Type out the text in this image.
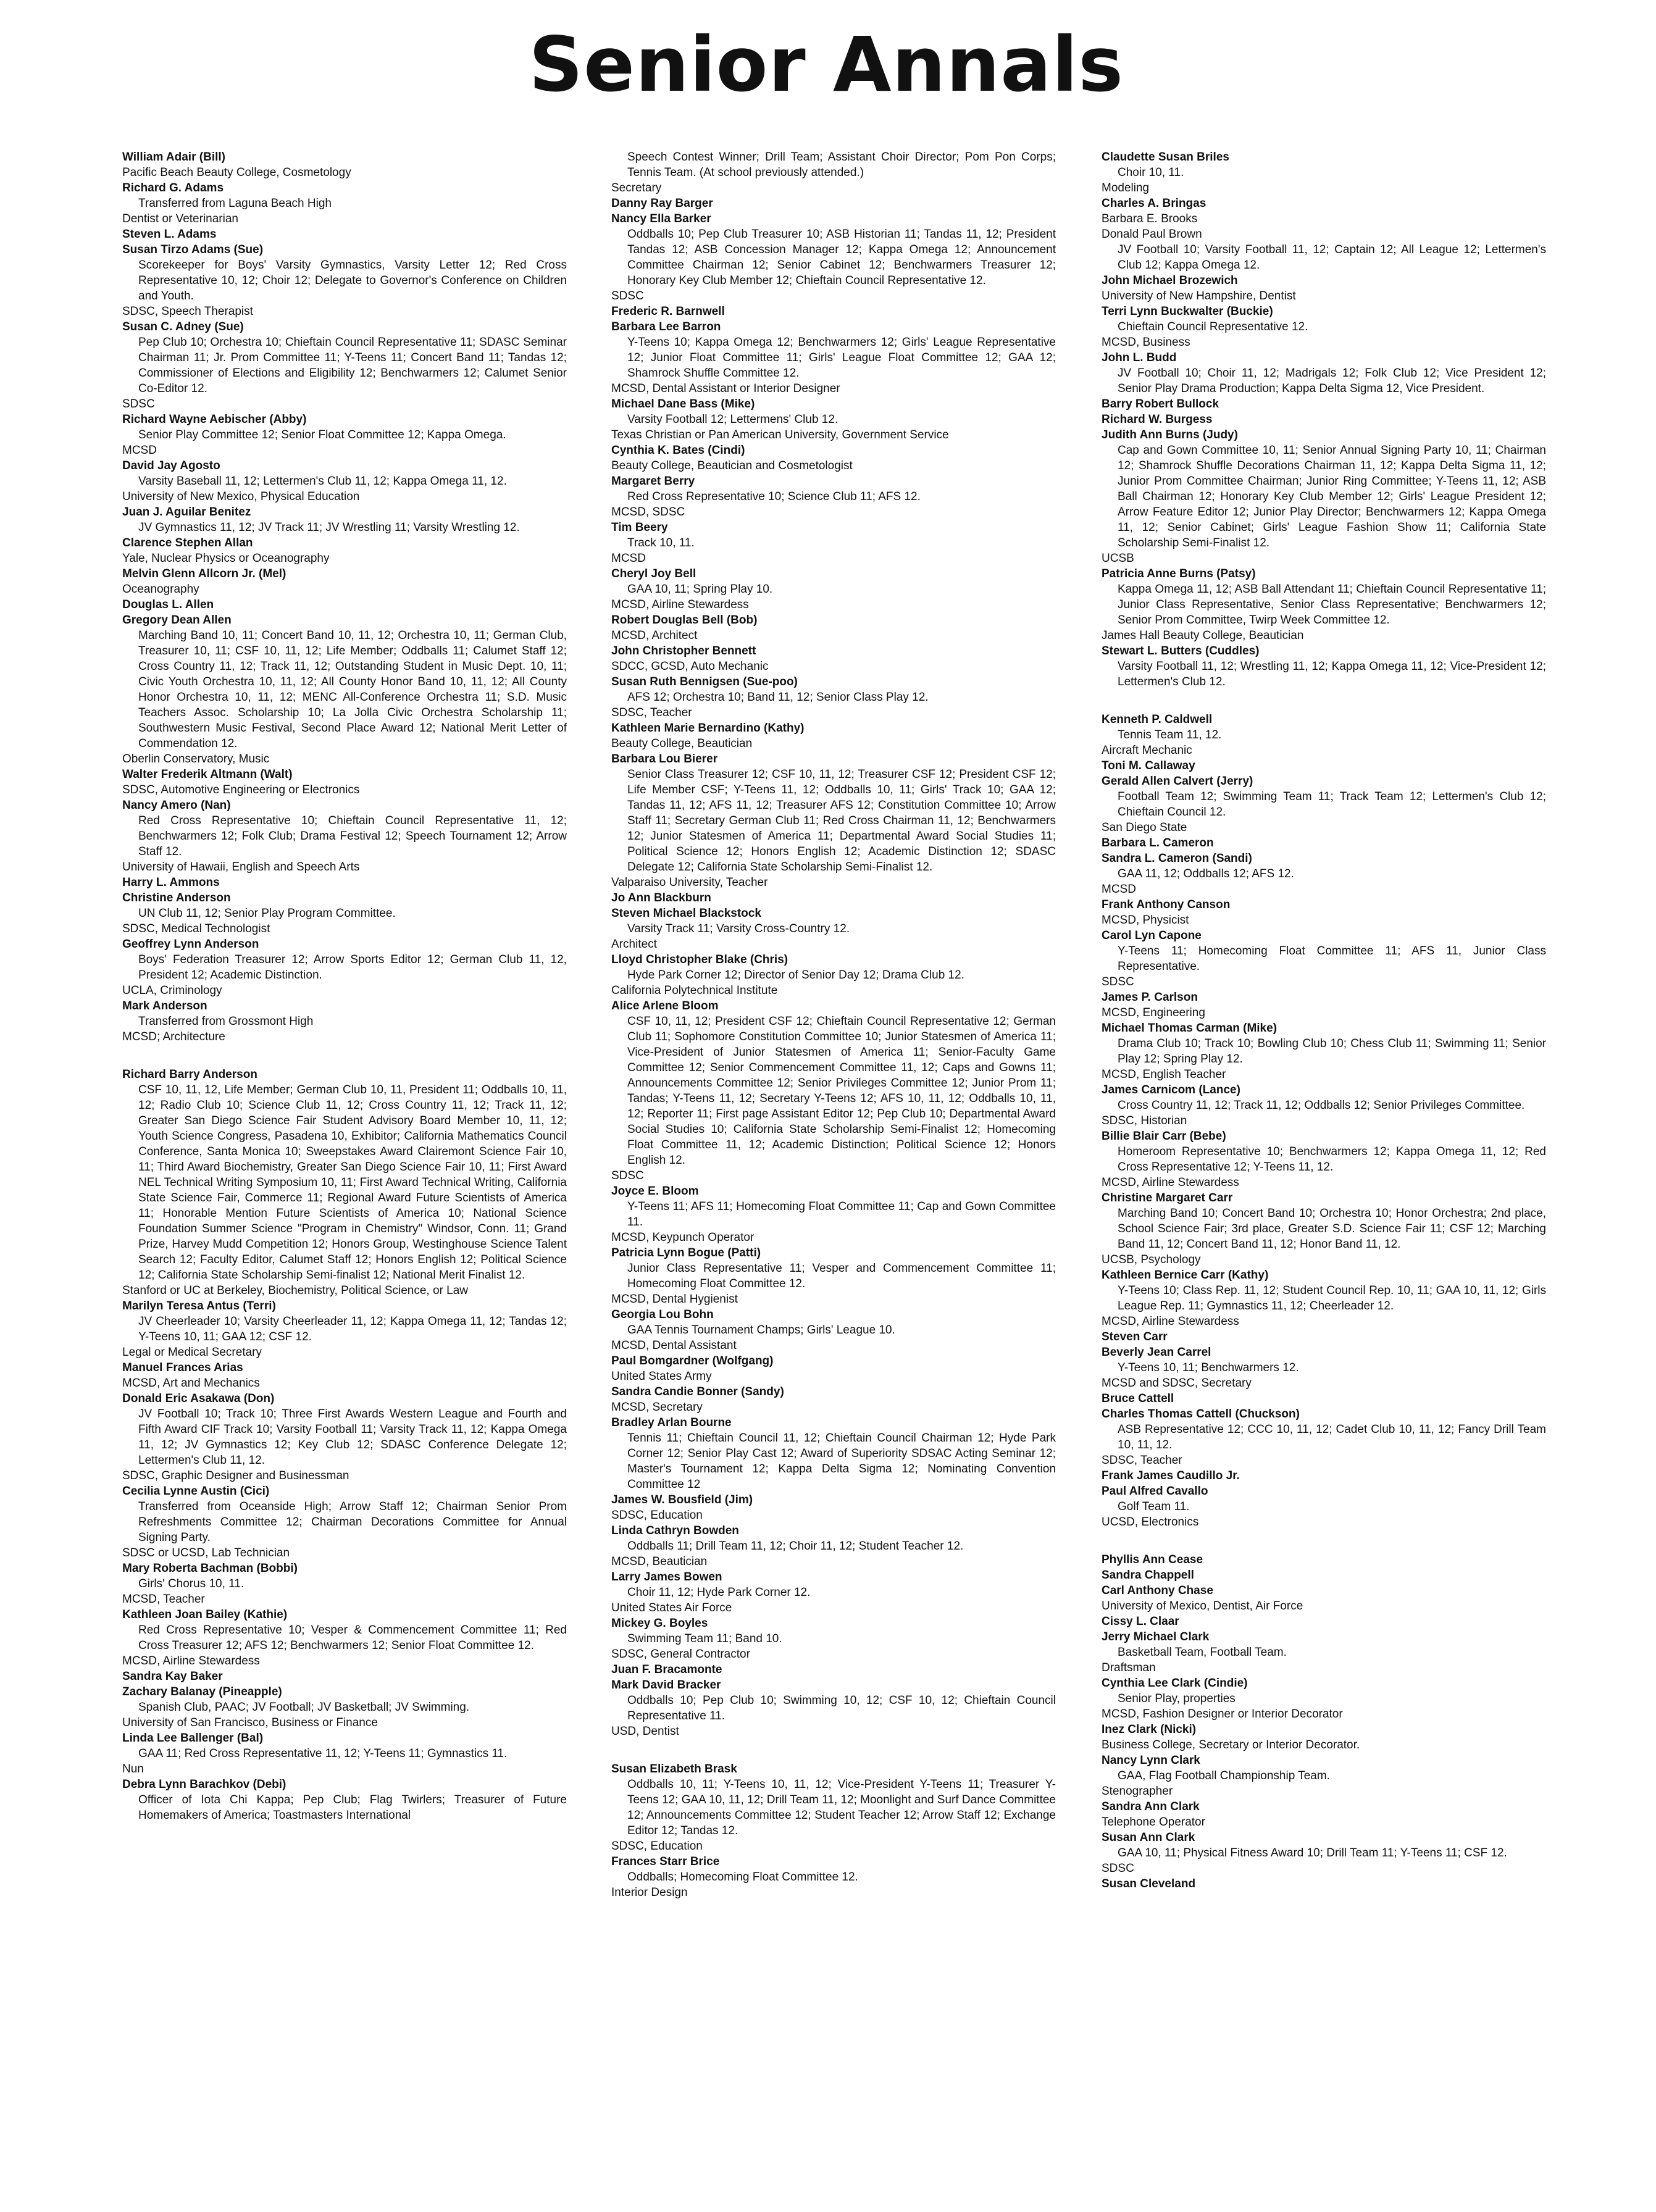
Senior Annals
William Adair (Bill)
Pacific Beach Beauty College, Cosmetology
Richard G. Adams
Transferred from Laguna Beach High
Dentist or Veterinarian
Steven L. Adams
Susan Tirzo Adams (Sue)
Scorekeeper for Boys' Varsity Gymnastics, Varsity Letter 12; Red Cross Representative 10, 12; Choir 12; Delegate to Governor's Conference on Children and Youth.
SDSC, Speech Therapist
Susan C. Adney (Sue)
Pep Club 10; Orchestra 10; Chieftain Council Representative 11; SDASC Seminar Chairman 11; Jr. Prom Committee 11; Y-Teens 11; Concert Band 11; Tandas 12; Commissioner of Elections and Eligibility 12; Benchwarmers 12; Calumet Senior Co-Editor 12.
SDSC
Richard Wayne Aebischer (Abby)
Senior Play Committee 12; Senior Float Committee 12; Kappa Omega.
MCSD
David Jay Agosto
Varsity Baseball 11, 12; Lettermen's Club 11, 12; Kappa Omega 11, 12.
University of New Mexico, Physical Education
Juan J. Aguilar Benitez
JV Gymnastics 11, 12; JV Track 11; JV Wrestling 11; Varsity Wrestling 12.
Clarence Stephen Allan
Yale, Nuclear Physics or Oceanography
Melvin Glenn Allcorn Jr. (Mel)
Oceanography
Douglas L. Allen
Gregory Dean Allen
Marching Band 10, 11; Concert Band 10, 11, 12; Orchestra 10, 11; German Club, Treasurer 10, 11; CSF 10, 11, 12; Life Member; Oddballs 11; Calumet Staff 12; Cross Country 11, 12; Track 11, 12; Outstanding Student in Music Dept. 10, 11; Civic Youth Orchestra 10, 11, 12; All County Honor Band 10, 11, 12; All County Honor Orchestra 10, 11, 12; MENC All-Conference Orchestra 11; S.D. Music Teachers Assoc. Scholarship 10; La Jolla Civic Orchestra Scholarship 11; Southwestern Music Festival, Second Place Award 12; National Merit Letter of Commendation 12.
Oberlin Conservatory, Music
Walter Frederik Altmann (Walt)
SDSC, Automotive Engineering or Electronics
Nancy Amero (Nan)
Red Cross Representative 10; Chieftain Council Representative 11, 12; Benchwarmers 12; Folk Club; Drama Festival 12; Speech Tournament 12; Arrow Staff 12.
University of Hawaii, English and Speech Arts
Harry L. Ammons
Christine Anderson
UN Club 11, 12; Senior Play Program Committee.
SDSC, Medical Technologist
Geoffrey Lynn Anderson
Boys' Federation Treasurer 12; Arrow Sports Editor 12; German Club 11, 12, President 12; Academic Distinction.
UCLA, Criminology
Mark Anderson
Transferred from Grossmont High
MCSD; Architecture
Richard Barry Anderson
CSF 10, 11, 12, Life Member; German Club 10, 11, President 11; Oddballs 10, 11, 12; Radio Club 10; Science Club 11, 12; Cross Country 11, 12; Track 11, 12; Greater San Diego Science Fair Student Advisory Board Member 10, 11, 12; Youth Science Congress, Pasadena 10, Exhibitor; California Mathematics Council Conference, Santa Monica 10; Sweepstakes Award Clairemont Science Fair 10, 11; Third Award Biochemistry, Greater San Diego Science Fair 10, 11; First Award NEL Technical Writing Symposium 10, 11; First Award Technical Writing, California State Science Fair, Commerce 11; Regional Award Future Scientists of America 11; Honorable Mention Future Scientists of America 10; National Science Foundation Summer Science "Program in Chemistry" Windsor, Conn. 11; Grand Prize, Harvey Mudd Competition 12; Honors Group, Westinghouse Science Talent Search 12; Faculty Editor, Calumet Staff 12; Honors English 12; Political Science 12; California State Scholarship Semi-finalist 12; National Merit Finalist 12.
Stanford or UC at Berkeley, Biochemistry, Political Science, or Law
Marilyn Teresa Antus (Terri)
JV Cheerleader 10; Varsity Cheerleader 11, 12; Kappa Omega 11, 12; Tandas 12; Y-Teens 10, 11; GAA 12; CSF 12.
Legal or Medical Secretary
Manuel Frances Arias
MCSD, Art and Mechanics
Donald Eric Asakawa (Don)
JV Football 10; Track 10; Three First Awards Western League and Fourth and Fifth Award CIF Track 10; Varsity Football 11; Varsity Track 11, 12; Kappa Omega 11, 12; JV Gymnastics 12; Key Club 12; SDASC Conference Delegate 12; Lettermen's Club 11, 12.
SDSC, Graphic Designer and Businessman
Cecilia Lynne Austin (Cici)
Transferred from Oceanside High; Arrow Staff 12; Chairman Senior Prom Refreshments Committee 12; Chairman Decorations Committee for Annual Signing Party.
SDSC or UCSD, Lab Technician
Mary Roberta Bachman (Bobbi)
Girls' Chorus 10, 11.
MCSD, Teacher
Kathleen Joan Bailey (Kathie)
Red Cross Representative 10; Vesper & Commencement Committee 11; Red Cross Treasurer 12; AFS 12; Benchwarmers 12; Senior Float Committee 12.
MCSD, Airline Stewardess
Sandra Kay Baker
Zachary Balanay (Pineapple)
Spanish Club, PAAC; JV Football; JV Basketball; JV Swimming.
University of San Francisco, Business or Finance
Linda Lee Ballenger (Bal)
GAA 11; Red Cross Representative 11, 12; Y-Teens 11; Gymnastics 11.
Nun
Debra Lynn Barachkov (Debi)
Officer of Iota Chi Kappa; Pep Club; Flag Twirlers; Treasurer of Future Homemakers of America; Toastmasters International
Speech Contest Winner; Drill Team; Assistant Choir Director; Pom Pon Corps; Tennis Team. (At school previously attended.)
Secretary
Danny Ray Barger
Nancy Ella Barker
Oddballs 10; Pep Club Treasurer 10; ASB Historian 11; Tandas 11, 12; President Tandas 12; ASB Concession Manager 12; Kappa Omega 12; Announcement Committee Chairman 12; Senior Cabinet 12; Benchwarmers Treasurer 12; Honorary Key Club Member 12; Chieftain Council Representative 12.
SDSC
Frederic R. Barnwell
Barbara Lee Barron
Y-Teens 10; Kappa Omega 12; Benchwarmers 12; Girls' League Representative 12; Junior Float Committee 11; Girls' League Float Committee 12; GAA 12; Shamrock Shuffle Committee 12.
MCSD, Dental Assistant or Interior Designer
Michael Dane Bass (Mike)
Varsity Football 12; Lettermens' Club 12.
Texas Christian or Pan American University, Government Service
Cynthia K. Bates (Cindi)
Beauty College, Beautician and Cosmetologist
Margaret Berry
Red Cross Representative 10; Science Club 11; AFS 12.
MCSD, SDSC
Tim Beery
Track 10, 11.
MCSD
Cheryl Joy Bell
GAA 10, 11; Spring Play 10.
MCSD, Airline Stewardess
Robert Douglas Bell (Bob)
MCSD, Architect
John Christopher Bennett
SDCC, GCSD, Auto Mechanic
Susan Ruth Bennigsen (Sue-poo)
AFS 12; Orchestra 10; Band 11, 12; Senior Class Play 12.
SDSC, Teacher
Kathleen Marie Bernardino (Kathy)
Beauty College, Beautician
Barbara Lou Bierer
Senior Class Treasurer 12; CSF 10, 11, 12; Treasurer CSF 12; President CSF 12; Life Member CSF; Y-Teens 11, 12; Oddballs 10, 11; Girls' Track 10; GAA 12; Tandas 11, 12; AFS 11, 12; Treasurer AFS 12; Constitution Committee 10; Arrow Staff 11; Secretary German Club 11; Red Cross Chairman 11, 12; Benchwarmers 12; Junior Statesmen of America 11; Departmental Award Social Studies 11; Political Science 12; Honors English 12; Academic Distinction 12; SDASC Delegate 12; California State Scholarship Semi-Finalist 12.
Valparaiso University, Teacher
Jo Ann Blackburn
Steven Michael Blackstock
Varsity Track 11; Varsity Cross-Country 12.
Architect
Lloyd Christopher Blake (Chris)
Hyde Park Corner 12; Director of Senior Day 12; Drama Club 12.
California Polytechnical Institute
Alice Arlene Bloom
CSF 10, 11, 12; President CSF 12; Chieftain Council Representative 12; German Club 11; Sophomore Constitution Committee 10; Junior Statesmen of America 11; Vice-President of Junior Statesmen of America 11; Senior-Faculty Game Committee 12; Senior Commencement Committee 11, 12; Caps and Gowns 11; Announcements Committee 12; Senior Privileges Committee 12; Junior Prom 11; Tandas; Y-Teens 11, 12; Secretary Y-Teens 12; AFS 10, 11, 12; Oddballs 10, 11, 12; Reporter 11; First page Assistant Editor 12; Pep Club 10; Departmental Award Social Studies 10; California State Scholarship Semi-Finalist 12; Homecoming Float Committee 11, 12; Academic Distinction; Political Science 12; Honors English 12.
SDSC
Joyce E. Bloom
Y-Teens 11; AFS 11; Homecoming Float Committee 11; Cap and Gown Committee 11.
MCSD, Keypunch Operator
Patricia Lynn Bogue (Patti)
Junior Class Representative 11; Vesper and Commencement Committee 11; Homecoming Float Committee 12.
MCSD, Dental Hygienist
Georgia Lou Bohn
GAA Tennis Tournament Champs; Girls' League 10.
MCSD, Dental Assistant
Paul Bomgardner (Wolfgang)
United States Army
Sandra Candie Bonner (Sandy)
MCSD, Secretary
Bradley Arlan Bourne
Tennis 11; Chieftain Council 11, 12; Chieftain Council Chairman 12; Hyde Park Corner 12; Senior Play Cast 12; Award of Superiority SDSAC Acting Seminar 12; Master's Tournament 12; Kappa Delta Sigma 12; Nominating Convention Committee 12
James W. Bousfield (Jim)
SDSC, Education
Linda Cathryn Bowden
Oddballs 11; Drill Team 11, 12; Choir 11, 12; Student Teacher 12.
MCSD, Beautician
Larry James Bowen
Choir 11, 12; Hyde Park Corner 12.
United States Air Force
Mickey G. Boyles
Swimming Team 11; Band 10.
SDSC, General Contractor
Juan F. Bracamonte
Mark David Bracker
Oddballs 10; Pep Club 10; Swimming 10, 12; CSF 10, 12; Chieftain Council Representative 11.
USD, Dentist
Susan Elizabeth Brask
Oddballs 10, 11; Y-Teens 10, 11, 12; Vice-President Y-Teens 11; Treasurer Y-Teens 12; GAA 10, 11, 12; Drill Team 11, 12; Moonlight and Surf Dance Committee 12; Announcements Committee 12; Student Teacher 12; Arrow Staff 12; Exchange Editor 12; Tandas 12.
SDSC, Education
Frances Starr Brice
Oddballs; Homecoming Float Committee 12.
Interior Design
Claudette Susan Briles
Choir 10, 11.
Modeling
Charles A. Bringas
Barbara E. Brooks
Donald Paul Brown
JV Football 10; Varsity Football 11, 12; Captain 12; All League 12; Lettermen's Club 12; Kappa Omega 12.
John Michael Brozewich
University of New Hampshire, Dentist
Terri Lynn Buckwalter (Buckie)
Chieftain Council Representative 12.
MCSD, Business
John L. Budd
JV Football 10; Choir 11, 12; Madrigals 12; Folk Club 12; Vice President 12; Senior Play Drama Production; Kappa Delta Sigma 12, Vice President.
Barry Robert Bullock
Richard W. Burgess
Judith Ann Burns (Judy)
Cap and Gown Committee 10, 11; Senior Annual Signing Party 10, 11; Chairman 12; Shamrock Shuffle Decorations Chairman 11, 12; Kappa Delta Sigma 11, 12; Junior Prom Committee Chairman; Junior Ring Committee; Y-Teens 11, 12; ASB Ball Chairman 12; Honorary Key Club Member 12; Girls' League President 12; Arrow Feature Editor 12; Junior Play Director; Benchwarmers 12; Kappa Omega 11, 12; Senior Cabinet; Girls' League Fashion Show 11; California State Scholarship Semi-Finalist 12.
UCSB
Patricia Anne Burns (Patsy)
Kappa Omega 11, 12; ASB Ball Attendant 11; Chieftain Council Representative 11; Junior Class Representative, Senior Class Representative; Benchwarmers 12; Senior Prom Committee, Twirp Week Committee 12.
James Hall Beauty College, Beautician
Stewart L. Butters (Cuddles)
Varsity Football 11, 12; Wrestling 11, 12; Kappa Omega 11, 12; Vice-President 12; Lettermen's Club 12.
Kenneth P. Caldwell
Tennis Team 11, 12.
Aircraft Mechanic
Toni M. Callaway
Gerald Allen Calvert (Jerry)
Football Team 12; Swimming Team 11; Track Team 12; Lettermen's Club 12; Chieftain Council 12.
San Diego State
Barbara L. Cameron
Sandra L. Cameron (Sandi)
GAA 11, 12; Oddballs 12; AFS 12.
MCSD
Frank Anthony Canson
MCSD, Physicist
Carol Lyn Capone
Y-Teens 11; Homecoming Float Committee 11; AFS 11, Junior Class Representative.
SDSC
James P. Carlson
MCSD, Engineering
Michael Thomas Carman (Mike)
Drama Club 10; Track 10; Bowling Club 10; Chess Club 11; Swimming 11; Senior Play 12; Spring Play 12.
MCSD, English Teacher
James Carnicom (Lance)
Cross Country 11, 12; Track 11, 12; Oddballs 12; Senior Privileges Committee.
SDSC, Historian
Billie Blair Carr (Bebe)
Homeroom Representative 10; Benchwarmers 12; Kappa Omega 11, 12; Red Cross Representative 12; Y-Teens 11, 12.
MCSD, Airline Stewardess
Christine Margaret Carr
Marching Band 10; Concert Band 10; Orchestra 10; Honor Orchestra; 2nd place, School Science Fair; 3rd place, Greater S.D. Science Fair 11; CSF 12; Marching Band 11, 12; Concert Band 11, 12; Honor Band 11, 12.
UCSB, Psychology
Kathleen Bernice Carr (Kathy)
Y-Teens 10; Class Rep. 11, 12; Student Council Rep. 10, 11; GAA 10, 11, 12; Girls League Rep. 11; Gymnastics 11, 12; Cheerleader 12.
MCSD, Airline Stewardess
Steven Carr
Beverly Jean Carrel
Y-Teens 10, 11; Benchwarmers 12.
MCSD and SDSC, Secretary
Bruce Cattell
Charles Thomas Cattell (Chuckson)
ASB Representative 12; CCC 10, 11, 12; Cadet Club 10, 11, 12; Fancy Drill Team 10, 11, 12.
SDSC, Teacher
Frank James Caudillo Jr.
Paul Alfred Cavallo
Golf Team 11.
UCSD, Electronics
Phyllis Ann Cease
Sandra Chappell
Carl Anthony Chase
University of Mexico, Dentist, Air Force
Cissy L. Claar
Jerry Michael Clark
Basketball Team, Football Team.
Draftsman
Cynthia Lee Clark (Cindie)
Senior Play, properties
MCSD, Fashion Designer or Interior Decorator
Inez Clark (Nicki)
Business College, Secretary or Interior Decorator.
Nancy Lynn Clark
GAA, Flag Football Championship Team.
Stenographer
Sandra Ann Clark
Telephone Operator
Susan Ann Clark
GAA 10, 11; Physical Fitness Award 10; Drill Team 11; Y-Teens 11; CSF 12.
SDSC
Susan Cleveland
